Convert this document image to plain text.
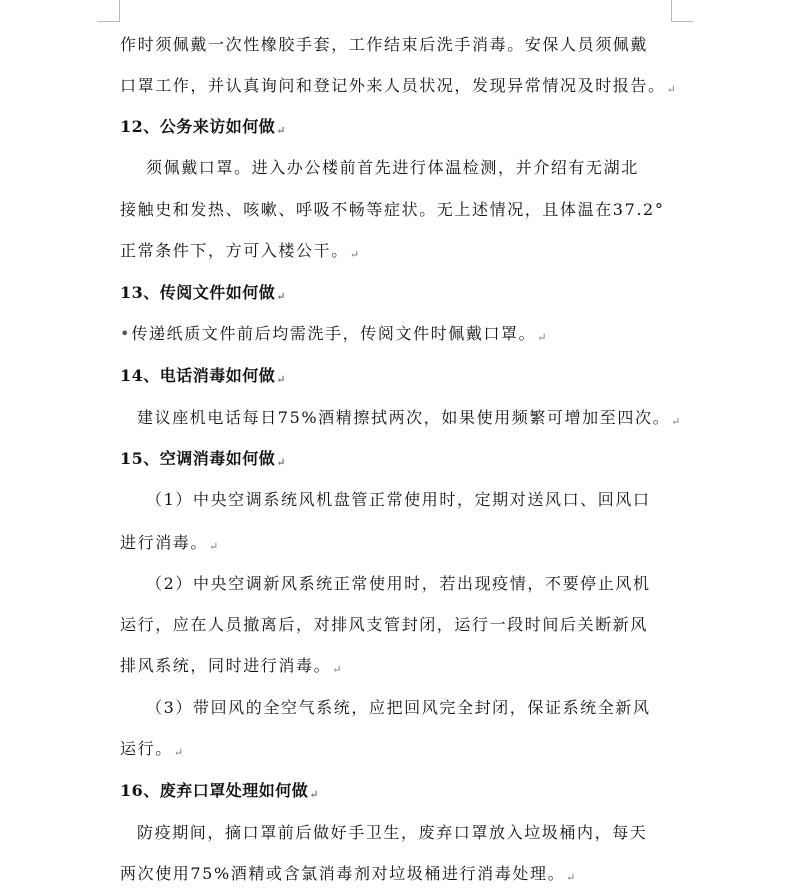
作时须佩戴一次性橡胶手套，工作结束后洗手消毒。安保人员须佩戴
口罩工作，并认真询问和登记外来人员状况，发现异常情况及时报告。↵
12、公务来访如何做↵
须佩戴口罩。进入办公楼前首先进行体温检测，并介绍有无湖北
接触史和发热、咳嗽、呼吸不畅等症状。无上述情况，且体温在37.2°
正常条件下，方可入楼公干。↵
13、传阅文件如何做↵
• 传递纸质文件前后均需洗手，传阅文件时佩戴口罩。↵
14、电话消毒如何做↵
建议座机电话每日75%酒精擦拭两次，如果使用频繁可增加至四次。↵
15、空调消毒如何做↵
（1）中央空调系统风机盘管正常使用时，定期对送风口、回风口
进行消毒。↵
（2）中央空调新风系统正常使用时，若出现疫情，不要停止风机
运行，应在人员撤离后，对排风支管封闭，运行一段时间后关断新风
排风系统，同时进行消毒。↵
（3）带回风的全空气系统，应把回风完全封闭，保证系统全新风
运行。↵
16、废弃口罩处理如何做↵
防疫期间，摘口罩前后做好手卫生，废弃口罩放入垃圾桶内，每天
两次使用75%酒精或含氯消毒剂对垃圾桶进行消毒处理。↵
